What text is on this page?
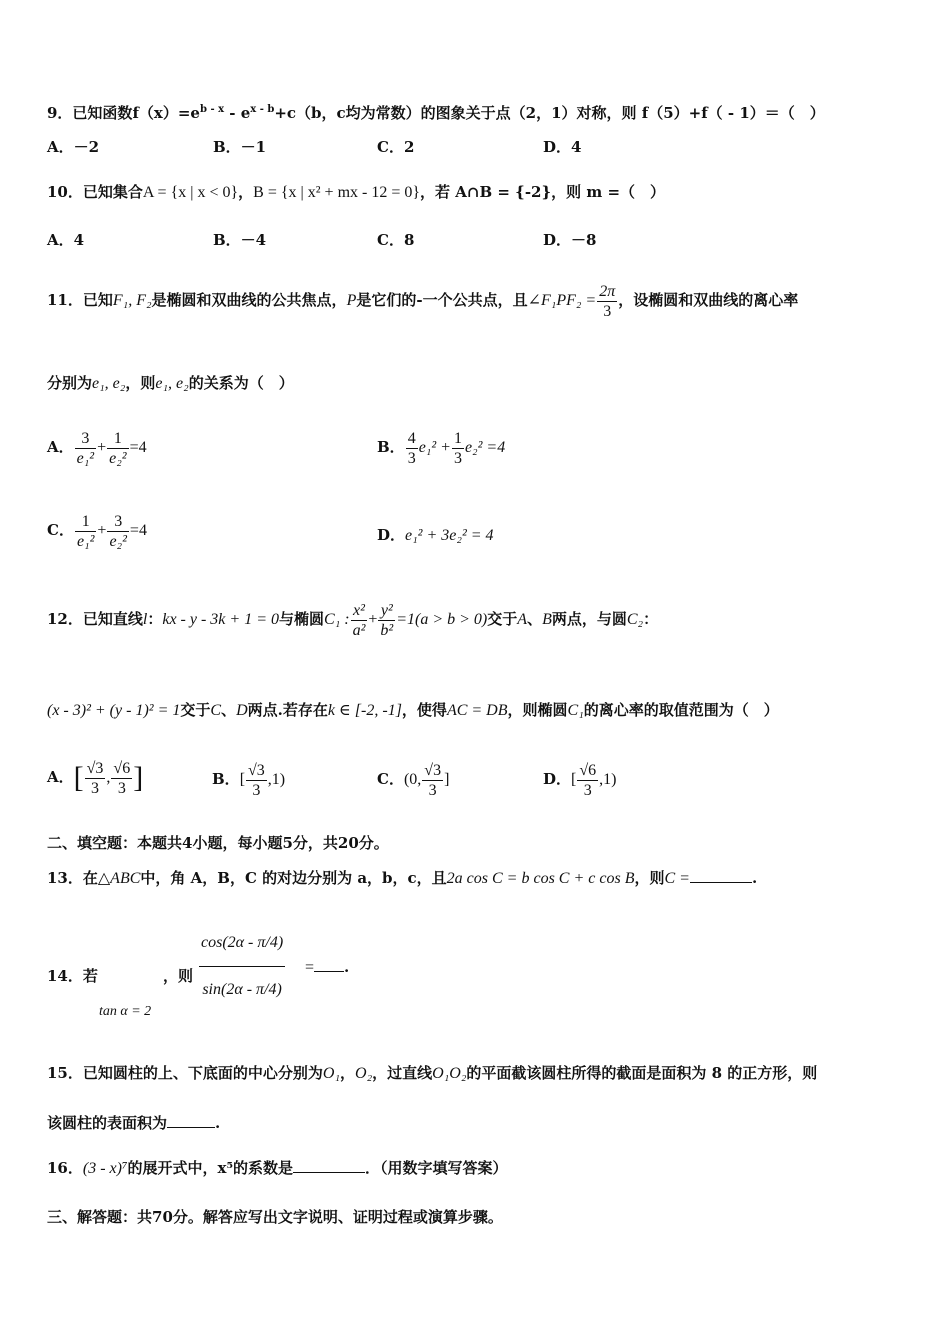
9．已知函数$f(x)=e^{b - x} - e^{x - b}+c(b$，c均为常数）的图象关于点（2，1）对称，则 f（5）+f（ - 1）＝（　）
A．－2	B．－1	C．2	D．4
10．已知集合A = {x | x < 0}，B = {x | x² + mx - 12 = 0}，若 A∩B = {-2}，则 m =（　）
A．4	B．－4	C．8	D．－8
11．已知F₁, F₂是椭圆和双曲线的公共焦点，P是它们的-一个公共点，且∠F₁PF₂ = $\frac{2\pi}{3}$ ，设椭圆和双曲线的离心率
分别为e₁, e₂，则e₁, e₂的关系为（　）
A． $\frac{3}{\text{e₁²}} + \frac{1}{\text{e₂²}} =4$	B． $\frac{4}{3} e_1^2 + \frac{1}{3} e_2^2 =4$
C． $\frac{1}{\text{e₁²}} + \frac{3}{\text{e₂²}} =4$	D．e₁² + 3e₂² = 4
12．已知直线l：kx - y - 3k + 1 = 0与椭圆C₁ : $\frac{\text{x²}}{\text{a²}} + \frac{\text{y²}}{\text{b²}} =1(a > b > 0)$交于A、B两点，与圆C₂：
(x - 3)² + (y - 1)² = 1交于C、D两点.若存在k ∈ [-2, -1]，使得AC = DB，则椭圆C₁的离心率的取值范围为（　）
A．[ $\frac{√3}{3}$ , $\frac{√6}{3}$ ]	B．[ $\frac{√3}{3} ,1$)	C．(0, $\frac{√3}{3}$ ]	D．[ $\frac{√6}{3} ,1$)
二、填空题：本题共4小题，每小题5分，共20分。
13．在△ABC中，角 A，B，C 的对边分别为 a，b，c，且2a cos C = b cos C + c cos B，则C =	.
14．若
tan α = 2
，则 $\frac{\cos(2\alpha - \pi/4)}{\sin(2\alpha - \pi/4)}$ = .
15．已知圆柱的上、下底面的中心分别为O₁，O₂，过直线O₁O₂的平面截该圆柱所得的截面是面积为 8 的正方形，则
该圆柱的表面积为	.
16．(3 - x)⁷的展开式中，x⁵的系数是	．（用数字填写答案）
三、解答题：共70分。解答应写出文字说明、证明过程或演算步骤。
